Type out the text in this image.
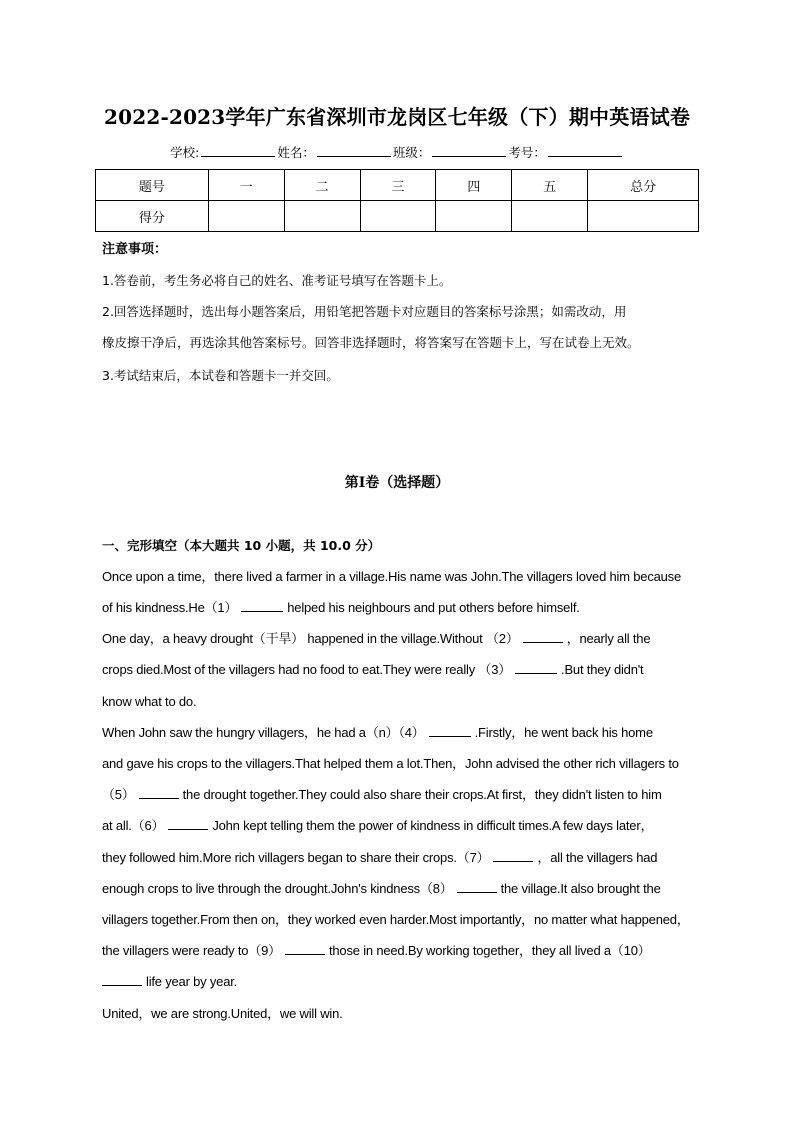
2022-2023学年广东省深圳市龙岗区七年级（下）期中英语试卷
学校:	姓名：	班级：	考号：
题号	一	二	三	四	五	总分
得分						
注意事项：
1.答卷前，考生务必将自己的姓名、准考证号填写在答题卡上。
2.回答选择题时，选出每小题答案后，用铅笔把答题卡对应题目的答案标号涂黑；如需改动，用
橡皮擦干净后，再选涂其他答案标号。回答非选择题时，将答案写在答题卡上，写在试卷上无效。
3.考试结束后，本试卷和答题卡一并交回。
第Ⅰ卷（选择题）
一、完形填空（本大题共 10 小题，共 10.0 分）
Once upon a time，there lived a farmer in a village.His name was John.The villagers loved him because
of his kindness.He（1）	helped his neighbours and put others before himself.
One day，a heavy drought（干旱） happened in the village.Without （2）	，nearly all the
crops died.Most of the villagers had no food to eat.They were really （3）	.But they didn't
know what to do.
When John saw the hungry villagers，he had a（n）（4）	.Firstly，he went back his home
and gave his crops to the villagers.That helped them a lot.Then，John advised the other rich villagers to
（5）	the drought together.They could also share their crops.At first，they didn't listen to him
at all.（6）	John kept telling them the power of kindness in difficult times.A few days later，
they followed him.More rich villagers began to share their crops.（7）	，all the villagers had
enough crops to live through the drought.John's kindness（8）	the village.It also brought the
villagers together.From then on，they worked even harder.Most importantly，no matter what happened，
the villagers were ready to（9）	those in need.By working together，they all lived a（10）
life year by year.
United，we are strong.United，we will win.
